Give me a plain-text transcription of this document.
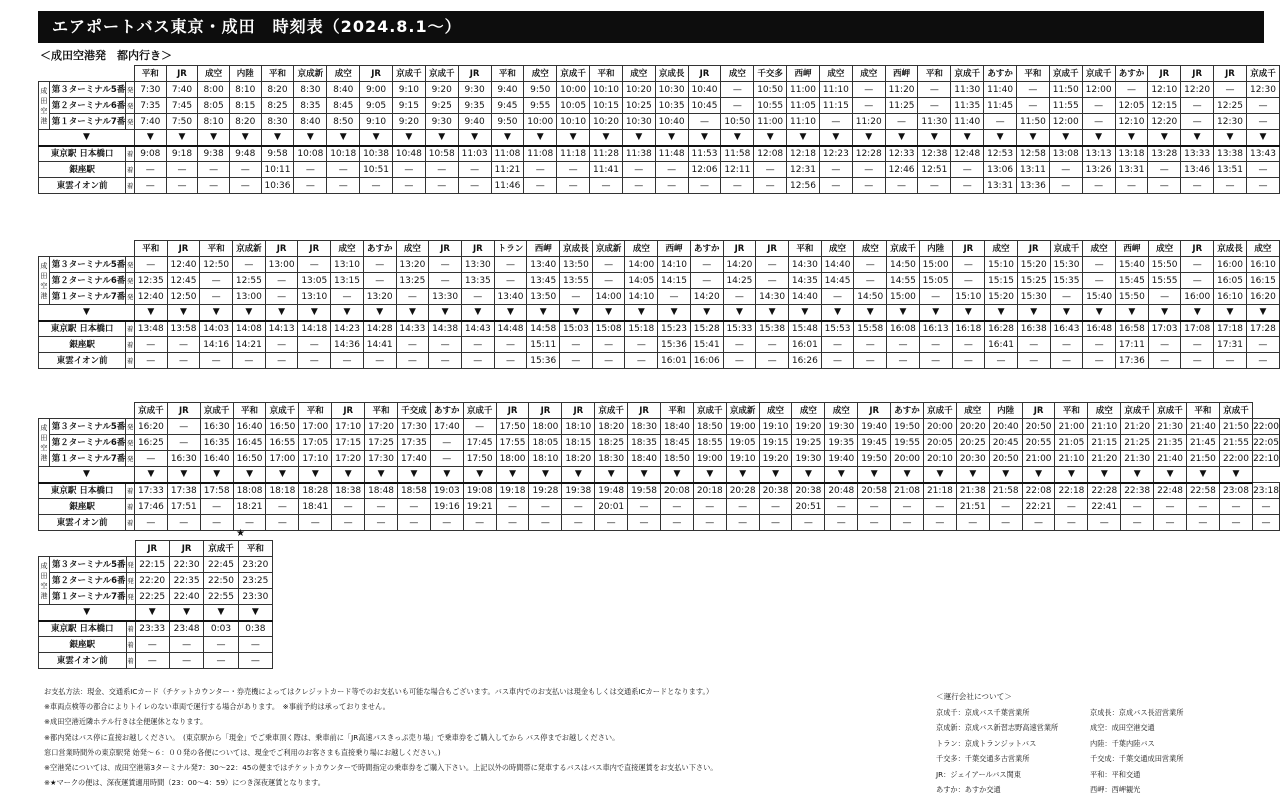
エアポートバス東京・成田　時刻表（2024.8.1～）
＜成田空港発　都内行き＞
			平和	JR	成空	内陸	平和	京成新	成空	JR	京成千	京成千	JR	平和	成空	京成千	平和	成空	京成長	JR	成空	千交多	西岬	成空	成空	西岬	平和	京成千	あすか	平和	京成千	京成千	あすか	JR	JR	JR	京成千
成田空港	第３ターミナル5番	発	7:30	7:40	8:00	8:10	8:20	8:30	8:40	9:00	9:10	9:20	9:30	9:40	9:50	10:00	10:10	10:20	10:30	10:40	—	10:50	11:00	11:10	—	11:20	—	11:30	11:40	—	11:50	12:00	—	12:10	12:20	—	12:30
	第２ターミナル6番	発	7:35	7:45	8:05	8:15	8:25	8:35	8:45	9:05	9:15	9:25	9:35	9:45	9:55	10:05	10:15	10:25	10:35	10:45	—	10:55	11:05	11:15	—	11:25	—	11:35	11:45	—	11:55	—	12:05	12:15	—	12:25	—
	第１ターミナル7番	発	7:40	7:50	8:10	8:20	8:30	8:40	8:50	9:10	9:20	9:30	9:40	9:50	10:00	10:10	10:20	10:30	10:40	—	10:50	11:00	11:10	—	11:20	—	11:30	11:40	—	11:50	12:00	—	12:10	12:20	—	12:30	—
▼			▼	▼	▼	▼	▼	▼	▼	▼	▼	▼	▼	▼	▼	▼	▼	▼	▼	▼	▼	▼	▼	▼	▼	▼	▼	▼	▼	▼	▼	▼	▼	▼	▼	▼	▼
東京駅 日本橋口		着	9:08	9:18	9:38	9:48	9:58	10:08	10:18	10:38	10:48	10:58	11:03	11:08	11:08	11:18	11:28	11:38	11:48	11:53	11:58	12:08	12:18	12:23	12:28	12:33	12:38	12:48	12:53	12:58	13:08	13:13	13:18	13:28	13:33	13:38	13:43
銀座駅		着	—	—	—	—	10:11	—	—	10:51	—	—	—	11:21	—	—	11:41	—	—	12:06	12:11	—	12:31	—	—	12:46	12:51	—	13:06	13:11	—	13:26	13:31	—	13:46	13:51	—
東雲イオン前		着	—	—	—	—	10:36	—	—	—	—	—	—	11:46	—	—	—	—	—	—	—	—	12:56	—	—	—	—	—	13:31	13:36	—	—	—	—	—	—	—
			平和	JR	平和	京成新	JR	JR	成空	あすか	成空	JR	JR	トラン	西岬	京成長	京成新	成空	西岬	あすか	JR	JR	平和	成空	成空	京成千	内陸	JR	成空	JR	京成千	成空	西岬	成空	JR	京成長	成空
成田空港	第３ターミナル5番	発	—	12:40	12:50	—	13:00	—	13:10	—	13:20	—	13:30	—	13:40	13:50	—	14:00	14:10	—	14:20	—	14:30	14:40	—	14:50	15:00	—	15:10	15:20	15:30	—	15:40	15:50	—	16:00	16:10
	第２ターミナル6番	発	12:35	12:45	—	12:55	—	13:05	13:15	—	13:25	—	13:35	—	13:45	13:55	—	14:05	14:15	—	14:25	—	14:35	14:45	—	14:55	15:05	—	15:15	15:25	15:35	—	15:45	15:55	—	16:05	16:15
	第１ターミナル7番	発	12:40	12:50	—	13:00	—	13:10	—	13:20	—	13:30	—	13:40	13:50	—	14:00	14:10	—	14:20	—	14:30	14:40	—	14:50	15:00	—	15:10	15:20	15:30	—	15:40	15:50	—	16:00	16:10	16:20
▼			▼	▼	▼	▼	▼	▼	▼	▼	▼	▼	▼	▼	▼	▼	▼	▼	▼	▼	▼	▼	▼	▼	▼	▼	▼	▼	▼	▼	▼	▼	▼	▼	▼	▼	▼
東京駅 日本橋口		着	13:48	13:58	14:03	14:08	14:13	14:18	14:23	14:28	14:33	14:38	14:43	14:48	14:58	15:03	15:08	15:18	15:23	15:28	15:33	15:38	15:48	15:53	15:58	16:08	16:13	16:18	16:28	16:38	16:43	16:48	16:58	17:03	17:08	17:18	17:28
銀座駅		着	—	—	14:16	14:21	—	—	14:36	14:41	—	—	—	—	15:11	—	—	—	15:36	15:41	—	—	16:01	—	—	—	—	—	16:41	—	—	—	17:11	—	—	17:31	—
東雲イオン前		着	—	—	—	—	—	—	—	—	—	—	—	—	15:36	—	—	—	16:01	16:06	—	—	16:26	—	—	—	—	—	—	—	—	—	17:36	—	—	—	—
			京成千	JR	京成千	平和	京成千	平和	JR	平和	千交成	あすか	京成千	JR	JR	JR	京成千	JR	平和	京成千	京成新	成空	成空	成空	JR	あすか	京成千	成空	内陸	JR	平和	成空	京成千	京成千	平和	京成千	
成田空港	第３ターミナル5番	発	16:20	—	16:30	16:40	16:50	17:00	17:10	17:20	17:30	17:40	—	17:50	18:00	18:10	18:20	18:30	18:40	18:50	19:00	19:10	19:20	19:30	19:40	19:50	20:00	20:20	20:40	20:50	21:00	21:10	21:20	21:30	21:40	21:50	22:00
	第２ターミナル6番	発	16:25	—	16:35	16:45	16:55	17:05	17:15	17:25	17:35	—	17:45	17:55	18:05	18:15	18:25	18:35	18:45	18:55	19:05	19:15	19:25	19:35	19:45	19:55	20:05	20:25	20:45	20:55	21:05	21:15	21:25	21:35	21:45	21:55	22:05
	第１ターミナル7番	発	—	16:30	16:40	16:50	17:00	17:10	17:20	17:30	17:40	—	17:50	18:00	18:10	18:20	18:30	18:40	18:50	19:00	19:10	19:20	19:30	19:40	19:50	20:00	20:10	20:30	20:50	21:00	21:10	21:20	21:30	21:40	21:50	22:00	22:10
▼			▼	▼	▼	▼	▼	▼	▼	▼	▼	▼	▼	▼	▼	▼	▼	▼	▼	▼	▼	▼	▼	▼	▼	▼	▼	▼	▼	▼	▼	▼	▼	▼	▼	▼	
東京駅 日本橋口		着	17:33	17:38	17:58	18:08	18:18	18:28	18:38	18:48	18:58	19:03	19:08	19:18	19:28	19:38	19:48	19:58	20:08	20:18	20:28	20:38	20:38	20:48	20:58	21:08	21:18	21:38	21:58	22:08	22:18	22:28	22:38	22:48	22:58	23:08	23:18
銀座駅		着	17:46	17:51	—	18:21	—	18:41	—	—	—	19:16	19:21	—	—	—	20:01	—	—	—	—	—	20:51	—	—	—	—	21:51	—	22:21	—	22:41	—	—	—	—	—
東雲イオン前		着	—	—	—	—	—	—	—	—	—	—	—	—	—	—	—	—	—	—	—	—	—	—	—	—	—	—	—	—	—	—	—	—	—	—	—
			JR	JR	京成千	平和
成田空港	第３ターミナル5番	発	22:15	22:30	22:45	23:20
	第２ターミナル6番	発	22:20	22:35	22:50	23:25
	第１ターミナル7番	発	22:25	22:40	22:55	23:30
▼			▼	▼	▼	▼
東京駅 日本橋口		着	23:33	23:48	0:03	0:38
銀座駅		着	—	—	—	—
東雲イオン前		着	—	—	—	—
★
お支払方法：現金、交通系ICカード（チケットカウンター・券売機によってはクレジットカード等でのお支払いも可能な場合もございます。バス車内でのお支払いは現金もしくは交通系ICカードとなります。）
※車両点検等の都合によりトイレのない車両で運行する場合があります。　※事前予約は承っておりません。
※成田空港近隣ホテル行きは全便運休となります。
※都内発はバス停に直接お越しください。　(東京駅から「現金」でご乗車頂く際は、乗車前に「JR高速バスきっぷ売り場」で乗車券をご購入してから バス停までお越しください。
窓口営業時間外の東京駅発 始発～６：００発の各便については、現金でご利用のお客さまも直接乗り場にお越しください。)
※空港発については、成田空港第3ターミナル発7：30～22：45の便まではチケットカウンターで時間指定の乗車券をご購入下さい。上記以外の時間帯に発車するバスはバス車内で直接運賃をお支払い下さい。
※★マークの便は、深夜運賃適用時間（23：00～4：59）につき深夜運賃となります。
＜運行会社について＞
京成千：京成バス千葉営業所
京成新：京成バス新習志野高速営業所
トラン：京成トランジットバス
千交多：千葉交通多古営業所
JR：ジェイアールバス関東
あすか：あすか交通
京成長：京成バス長沼営業所
成空：成田空港交通
内陸：千葉内陸バス
千交成：千葉交通成田営業所
平和：平和交通
西岬：西岬観光
